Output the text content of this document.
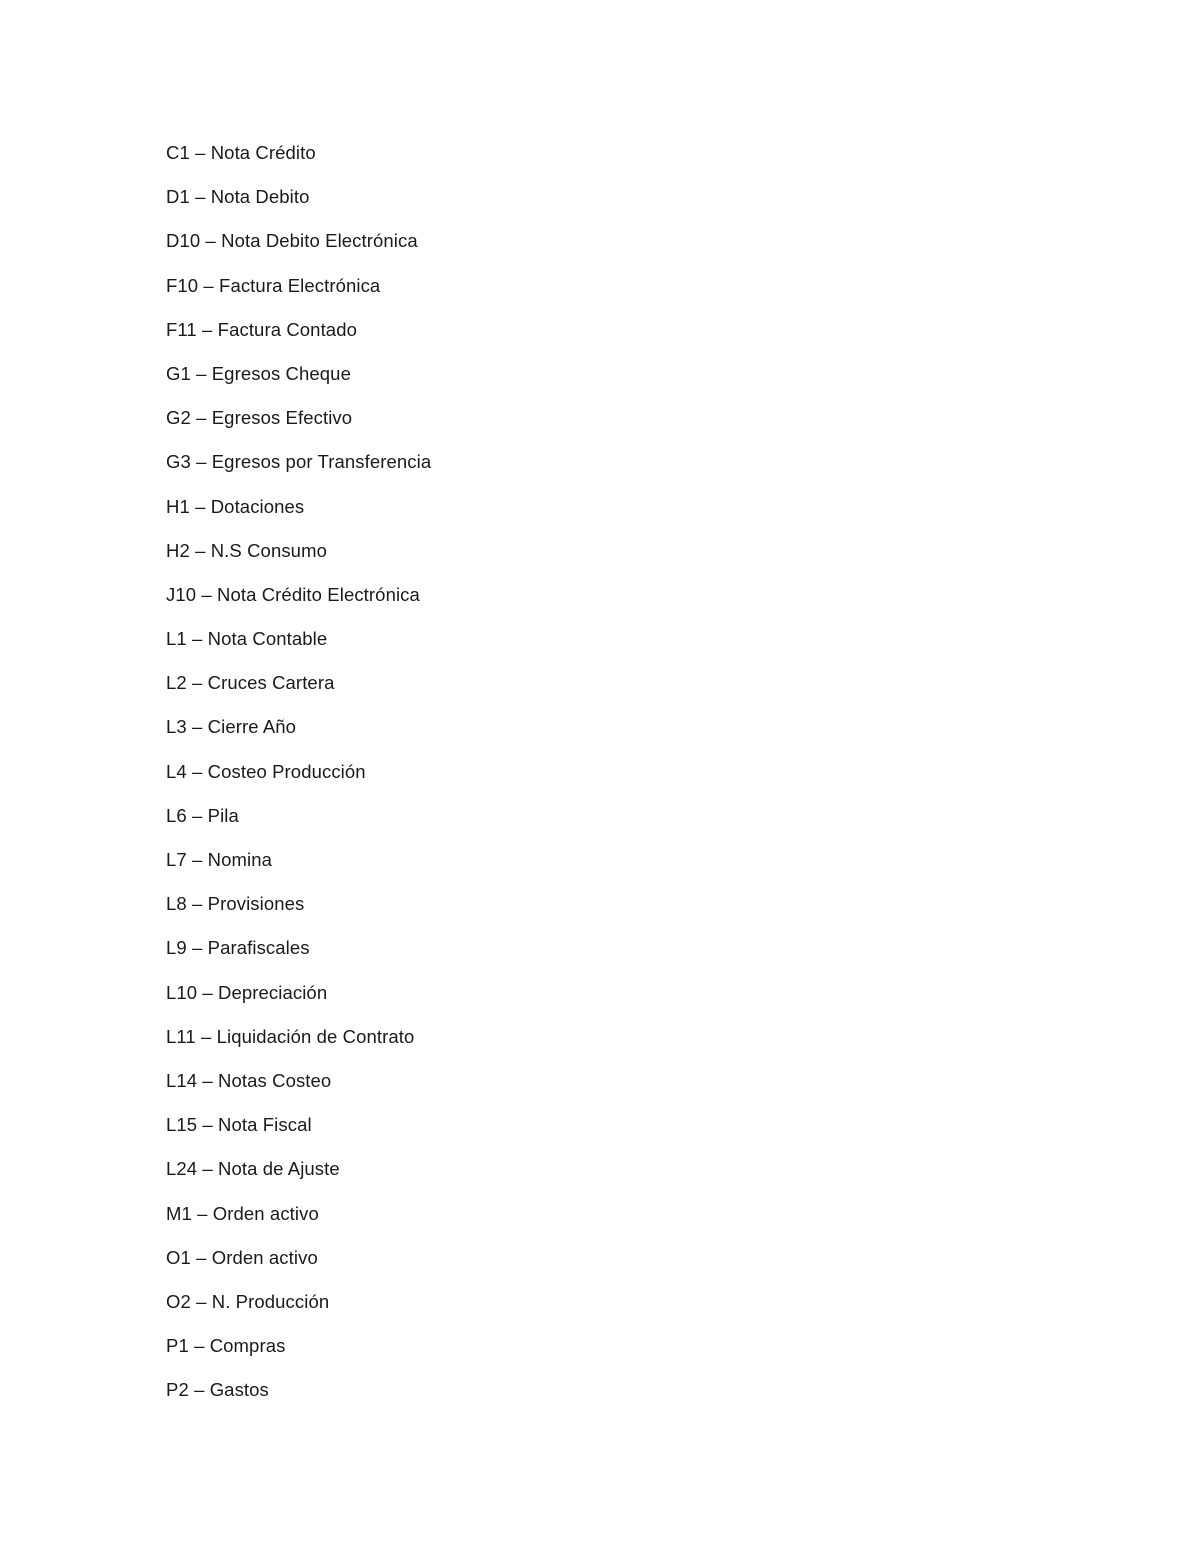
C1 – Nota Crédito
D1 – Nota Debito
D10 – Nota Debito Electrónica
F10 – Factura Electrónica
F11 – Factura Contado
G1 – Egresos Cheque
G2 – Egresos Efectivo
G3 – Egresos por Transferencia
H1 – Dotaciones
H2 – N.S Consumo
J10 – Nota Crédito Electrónica
L1 – Nota Contable
L2 – Cruces Cartera
L3 – Cierre Año
L4 – Costeo Producción
L6 – Pila
L7 – Nomina
L8 – Provisiones
L9 – Parafiscales
L10 – Depreciación
L11 – Liquidación de Contrato
L14 – Notas Costeo
L15 – Nota Fiscal
L24 – Nota de Ajuste
M1 – Orden activo
O1 – Orden activo
O2 – N. Producción
P1 – Compras
P2 – Gastos
